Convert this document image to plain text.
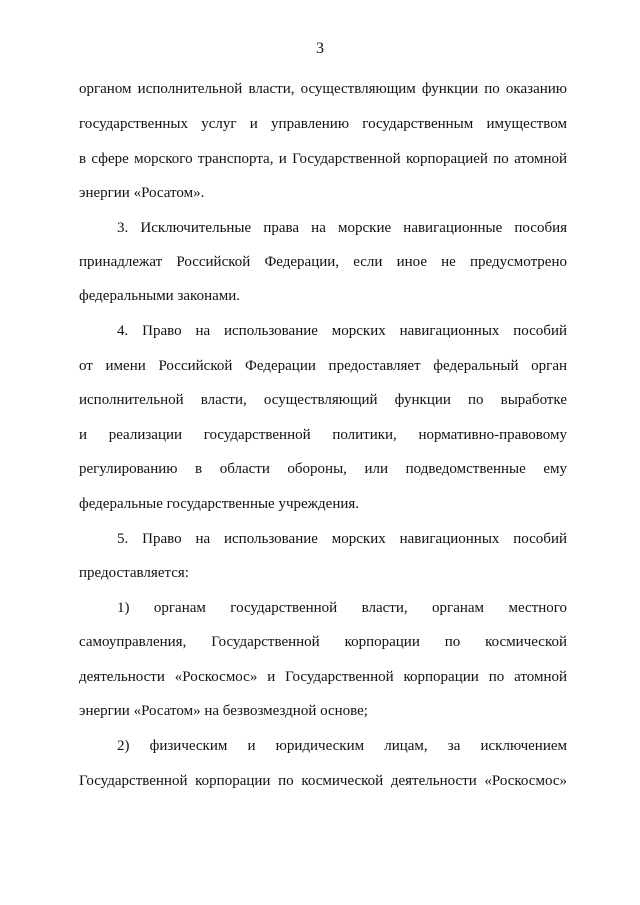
3
органом исполнительной власти, осуществляющим функции по оказанию
государственных услуг и управлению государственным имуществом
в сфере морского транспорта, и Государственной корпорацией по атомной
энергии «Росатом».
3. Исключительные права на морские навигационные пособия
принадлежат Российской Федерации, если иное не предусмотрено
федеральными законами.
4. Право на использование морских навигационных пособий
от имени Российской Федерации предоставляет федеральный орган
исполнительной власти, осуществляющий функции по выработке
и реализации государственной политики, нормативно-правовому
регулированию в области обороны, или подведомственные ему
федеральные государственные учреждения.
5. Право на использование морских навигационных пособий
предоставляется:
1) органам государственной власти, органам местного
самоуправления, Государственной корпорации по космической
деятельности «Роскосмос» и Государственной корпорации по атомной
энергии «Росатом» на безвозмездной основе;
2) физическим и юридическим лицам, за исключением
Государственной корпорации по космической деятельности «Роскосмос»
